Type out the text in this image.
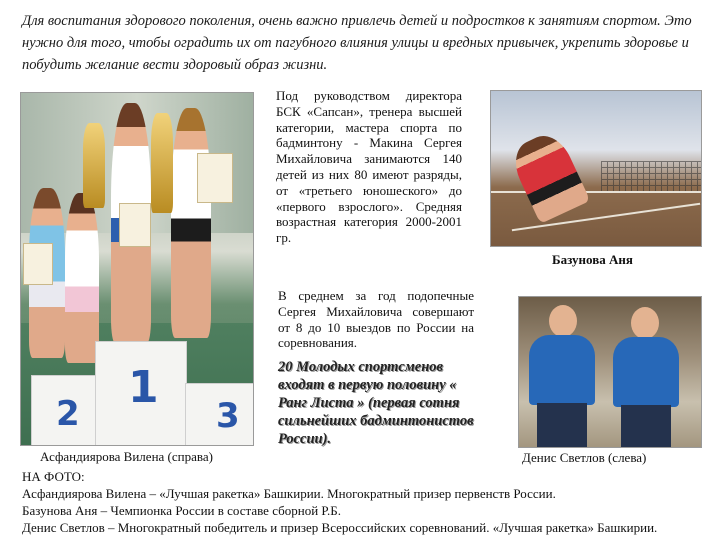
Для воспитания здорового поколения, очень важно привлечь детей и подростков к занятиям спортом. Это нужно для того, чтобы оградить их от пагубного влияния улицы и вредных привычек, укрепить здоровье и побудить желание вести здоровый образ жизни.
2
1
3
Под руководством директора БСК «Сапсан», тренера высшей категории, мастера спорта по бадминтону - Макина Сергея Михайловича занимаются 140 детей из них 80 имеют разряды, от «третьего юношеского» до «первого взрослого». Средняя возрастная категория 2000-2001 гр.
В среднем за год подопечные Сергея Михайловича совершают от 8 до 10 выездов по России на соревнования.
20 Молодых спортсменов входят в первую половину « Ранг Листа » (первая сотня сильнейших бадминтонистов России).
Асфандиярова Вилена (справа)
Базунова Аня
Денис Светлов (слева)
НА ФОТО:
Асфандиярова Вилена – «Лучшая ракетка» Башкирии. Многократный призер первенств России.
Базунова Аня – Чемпионка России в составе сборной Р.Б.
Денис Светлов – Многократный победитель и призер Всероссийских соревнований. «Лучшая ракетка» Башкирии.
